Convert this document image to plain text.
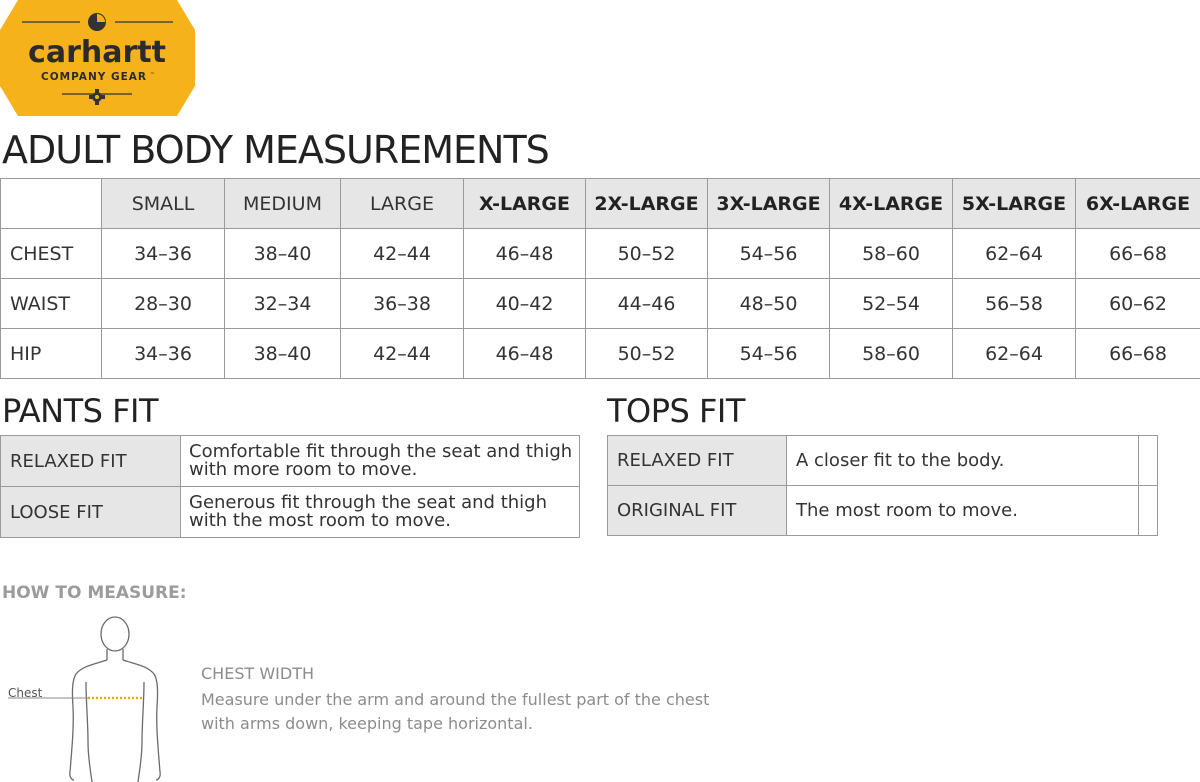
carhartt
COMPANY GEAR ™
ADULT BODY MEASUREMENTS
	SMALL	MEDIUM	LARGE	X-LARGE	2X-LARGE	3X-LARGE	4X-LARGE	5X-LARGE	6X-LARGE
CHEST	34–36	38–40	42–44	46–48	50–52	54–56	58–60	62–64	66–68
WAIST	28–30	32–34	36–38	40–42	44–46	48–50	52–54	56–58	60–62
HIP	34–36	38–40	42–44	46–48	50–52	54–56	58–60	62–64	66–68
PANTS FIT
RELAXED FIT	Comfortable fit through the seat and thigh with more room to move.
LOOSE FIT	Generous fit through the seat and thigh with the most room to move.
TOPS FIT
RELAXED FIT	A closer fit to the body.	
ORIGINAL FIT	The most room to move.	
HOW TO MEASURE:
Chest
CHEST WIDTH
Measure under the arm and around the fullest part of the chest with arms down, keeping tape horizontal.
